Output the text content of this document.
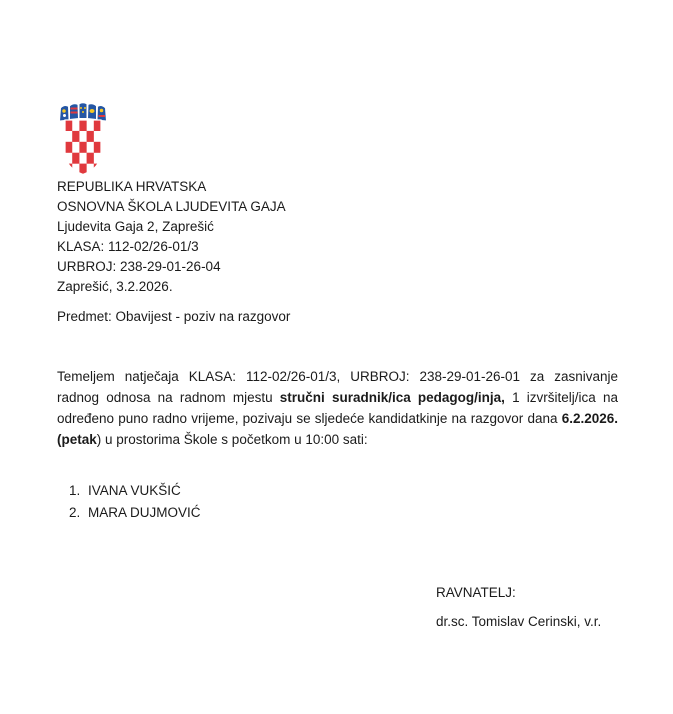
REPUBLIKA HRVATSKA
OSNOVNA ŠKOLA LJUDEVITA GAJA
Ljudevita Gaja 2, Zaprešić
KLASA: 112-02/26-01/3
URBROJ: 238-29-01-26-04
Zaprešić, 3.2.2026.
Predmet: Obavijest - poziv na razgovor

Temeljem natječaja KLASA: 112-02/26-01/3, URBROJ: 238-29-01-26-01 za zasnivanje radnog odnosa na radnom mjestu stručni suradnik/ica pedagog/inja, 1 izvršitelj/ica na određeno puno radno vrijeme, pozivaju se sljedeće kandidatkinje na razgovor dana 6.2.2026. (petak) u prostorima Škole s početkom u 10:00 sati:

IVANA VUKŠIĆ
MARA DUJMOVIĆ
RAVNATELJ:
dr.sc. Tomislav Cerinski, v.r.
